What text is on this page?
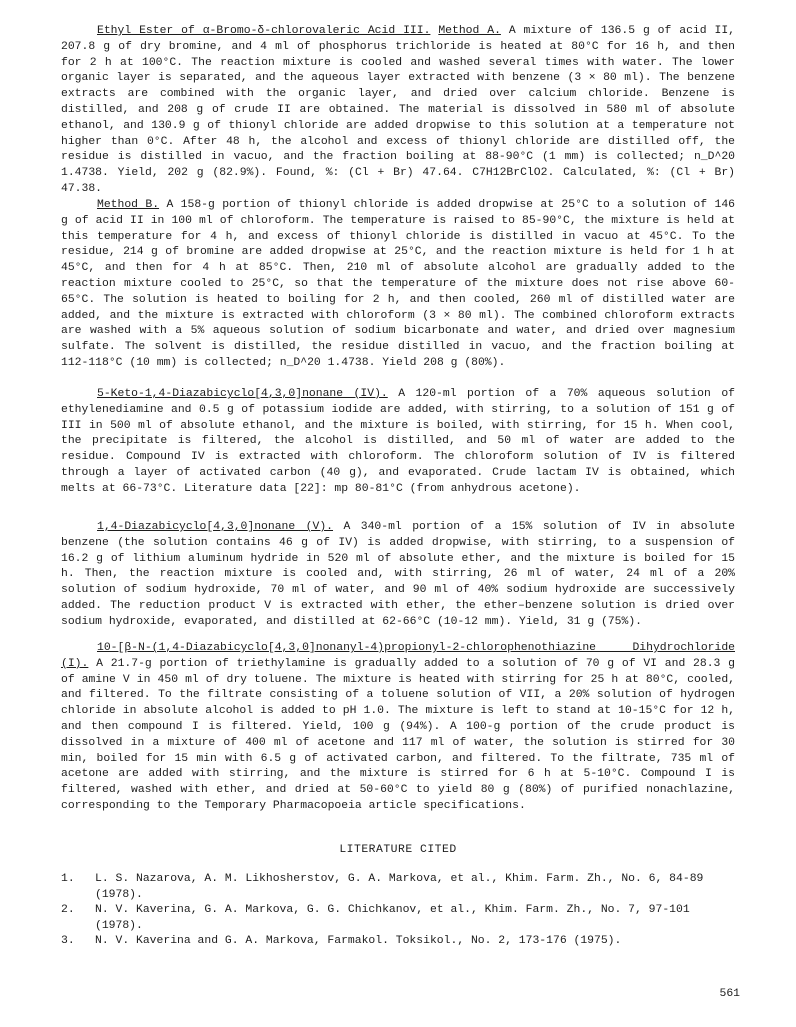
Ethyl Ester of α-Bromo-δ-chlorovaleric Acid III. Method A. A mixture of 136.5 g of acid II, 207.8 g of dry bromine, and 4 ml of phosphorus trichloride is heated at 80°C for 16 h, and then for 2 h at 100°C. The reaction mixture is cooled and washed several times with water. The lower organic layer is separated, and the aqueous layer extracted with benzene (3 × 80 ml). The benzene extracts are combined with the organic layer, and dried over calcium chloride. Benzene is distilled, and 208 g of crude II are obtained. The material is dissolved in 580 ml of absolute ethanol, and 130.9 g of thionyl chloride are added dropwise to this solution at a temperature not higher than 0°C. After 48 h, the alcohol and excess of thionyl chloride are distilled off, the residue is distilled in vacuo, and the fraction boiling at 88-90°C (1 mm) is collected; n_D^20 1.4738. Yield, 202 g (82.9%). Found, %: (Cl + Br) 47.64. C7H12BrClO2. Calculated, %: (Cl + Br) 47.38.

Method B. A 158-g portion of thionyl chloride is added dropwise at 25°C to a solution of 146 g of acid II in 100 ml of chloroform. The temperature is raised to 85-90°C, the mixture is held at this temperature for 4 h, and excess of thionyl chloride is distilled in vacuo at 45°C. To the residue, 214 g of bromine are added dropwise at 25°C, and the reaction mixture is held for 1 h at 45°C, and then for 4 h at 85°C. Then, 210 ml of absolute alcohol are gradually added to the reaction mixture cooled to 25°C, so that the temperature of the mixture does not rise above 60-65°C. The solution is heated to boiling for 2 h, and then cooled, 260 ml of distilled water are added, and the mixture is extracted with chloroform (3 × 80 ml). The combined chloroform extracts are washed with a 5% aqueous solution of sodium bicarbonate and water, and dried over magnesium sulfate. The solvent is distilled, the residue distilled in vacuo, and the fraction boiling at 112-118°C (10 mm) is collected; n_D^20 1.4738. Yield 208 g (80%).

5-Keto-1,4-Diazabicyclo[4,3,0]nonane (IV). A 120-ml portion of a 70% aqueous solution of ethylenediamine and 0.5 g of potassium iodide are added, with stirring, to a solution of 151 g of III in 500 ml of absolute ethanol, and the mixture is boiled, with stirring, for 15 h. When cool, the precipitate is filtered, the alcohol is distilled, and 50 ml of water are added to the residue. Compound IV is extracted with chloroform. The chloroform solution of IV is filtered through a layer of activated carbon (40 g), and evaporated. Crude lactam IV is obtained, which melts at 66-73°C. Literature data [22]: mp 80-81°C (from anhydrous acetone).

1,4-Diazabicyclo[4,3,0]nonane (V). A 340-ml portion of a 15% solution of IV in absolute benzene (the solution contains 46 g of IV) is added dropwise, with stirring, to a suspension of 16.2 g of lithium aluminum hydride in 520 ml of absolute ether, and the mixture is boiled for 15 h. Then, the reaction mixture is cooled and, with stirring, 26 ml of water, 24 ml of a 20% solution of sodium hydroxide, 70 ml of water, and 90 ml of 40% sodium hydroxide are successively added. The reduction product V is extracted with ether, the ether–benzene solution is dried over sodium hydroxide, evaporated, and distilled at 62-66°C (10-12 mm). Yield, 31 g (75%).

10-[β-N-(1,4-Diazabicyclo[4,3,0]nonanyl-4)propionyl-2-chlorophenothiazine Dihydrochloride (I). A 21.7-g portion of triethylamine is gradually added to a solution of 70 g of VI and 28.3 g of amine V in 450 ml of dry toluene. The mixture is heated with stirring for 25 h at 80°C, cooled, and filtered. To the filtrate consisting of a toluene solution of VII, a 20% solution of hydrogen chloride in absolute alcohol is added to pH 1.0. The mixture is left to stand at 10-15°C for 12 h, and then compound I is filtered. Yield, 100 g (94%). A 100-g portion of the crude product is dissolved in a mixture of 400 ml of acetone and 117 ml of water, the solution is stirred for 30 min, boiled for 15 min with 6.5 g of activated carbon, and filtered. To the filtrate, 735 ml of acetone are added with stirring, and the mixture is stirred for 6 h at 5-10°C. Compound I is filtered, washed with ether, and dried at 50-60°C to yield 80 g (80%) of purified nonachlazine, corresponding to the Temporary Pharmacopoeia article specifications.

LITERATURE CITED
1.	L. S. Nazarova, A. M. Likhosherstov, G. A. Markova, et al., Khim. Farm. Zh., No. 6, 84-89 (1978).
2.	N. V. Kaverina, G. A. Markova, G. G. Chichkanov, et al., Khim. Farm. Zh., No. 7, 97-101 (1978).
3.	N. V. Kaverina and G. A. Markova, Farmakol. Toksikol., No. 2, 173-176 (1975).
561
